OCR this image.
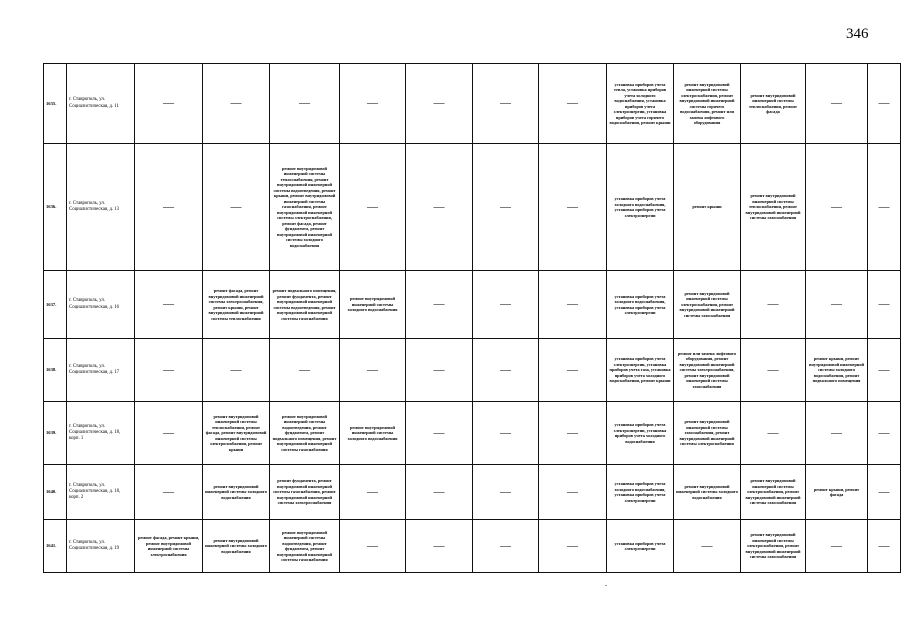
346
1635.	г. Ставрополь, ул. Социалистическая, д. 11	—	—	—	—	—	—	—	установка приборов учета тепла, установка приборов учета холодного водоснабжения, установка приборов учета электроэнергии, установка приборов учета горячего водоснабжения, ремонт крыши	ремонт внутридомовой инженерной системы электроснабжения, ремонт внутридомовой инженерной системы горячего водоснабжения, ремонт или замена лифтового оборудования	ремонт внутридомовой инженерной системы теплоснабжения, ремонт фасада	—	—
1636.	г. Ставрополь, ул. Социалистическая, д. 13	—	—	ремонт внутридомовой инженерной системы теплоснабжения, ремонт внутридомовой инженерной системы водоотведения, ремонт крыши, ремонт внутридомовой инженерной системы газоснабжения, ремонт внутридомовой инженерной системы электроснабжения, ремонт фасада, ремонт фундамента, ремонт внутридомовой инженерной системы холодного водоснабжения	—	—	—	—	установка приборов учета холодного водоснабжения, установка приборов учета электроэнергии	ремонт крыши	ремонт внутридомовой инженерной системы теплоснабжения, ремонт внутридомовой инженерной системы газоснабжения	—	—
1637.	г. Ставрополь, ул. Социалистическая, д. 16	—	ремонт фасада, ремонт внутридомовой инженерной системы электроснабжения, ремонт крыши, ремонт внутридомовой инженерной системы теплоснабжения	ремонт подвального помещения, ремонт фундамента, ремонт внутридомовой инженерной системы водоотведения, ремонт внутридомовой инженерной системы газоснабжения	ремонт внутридомовой инженерной системы холодного водоснабжения	—	—	—	установка приборов учета холодного водоснабжения, установка приборов учета электроэнергии	ремонт внутридомовой инженерной системы электроснабжения, ремонт внутридомовой инженерной системы газоснабжения	—	—	—
1638.	г. Ставрополь, ул. Социалистическая, д. 17	—	—	—	—	—	—	—	установка приборов учета электроэнергии, установка приборов учета газа, установка приборов учета холодного водоснабжения, ремонт крыши	ремонт или замена лифтового оборудования, ремонт внутридомовой инженерной системы электроснабжения, ремонт внутридомовой инженерной системы газоснабжения	—	ремонт крыши, ремонт внутридомовой инженерной системы холодного водоснабжения, ремонт подвального помещения	—
1639.	г. Ставрополь, ул. Социалистическая, д. 18, корп. 1	—	ремонт внутридомовой инженерной системы теплоснабжения, ремонт фасада, ремонт внутридомовой инженерной системы электроснабжения, ремонт крыши	ремонт внутридомовой инженерной системы водоотведения, ремонт фундамента, ремонт подвального помещения, ремонт внутридомовой инженерной системы газоснабжения	ремонт внутридомовой инженерной системы холодного водоснабжения	—	—	—	установка приборов учета электроэнергии, установка приборов учета холодного водоснабжения	ремонт внутридомовой инженерной системы газоснабжения, ремонт внутридомовой инженерной системы электроснабжения	—	—	—
1640.	г. Ставрополь, ул. Социалистическая, д. 18, корп. 2	—	ремонт внутридомовой инженерной системы холодного водоснабжения	ремонт фундамента, ремонт внутридомовой инженерной системы газоснабжения, ремонт внутридомовой инженерной системы электроснабжения	—	—	—	—	установка приборов учета холодного водоснабжения, установка приборов учета электроэнергии	ремонт внутридомовой инженерной системы холодного водоснабжения	ремонт внутридомовой инженерной системы электроснабжения, ремонт внутридомовой инженерной системы газоснабжения	ремонт крыши, ремонт фасада	—
1641.	г. Ставрополь, ул. Социалистическая, д. 19	ремонт фасада, ремонт крыши, ремонт внутридомовой инженерной системы электроснабжения	ремонт внутридомовой инженерной системы холодного водоснабжения	ремонт внутридомовой инженерной системы водоотведения, ремонт фундамента, ремонт внутридомовой инженерной системы газоснабжения	—	—	—	—	установка приборов учета электроэнергии	—	ремонт внутридомовой инженерной системы электроснабжения, ремонт внутридомовой инженерной системы газоснабжения	—	—
